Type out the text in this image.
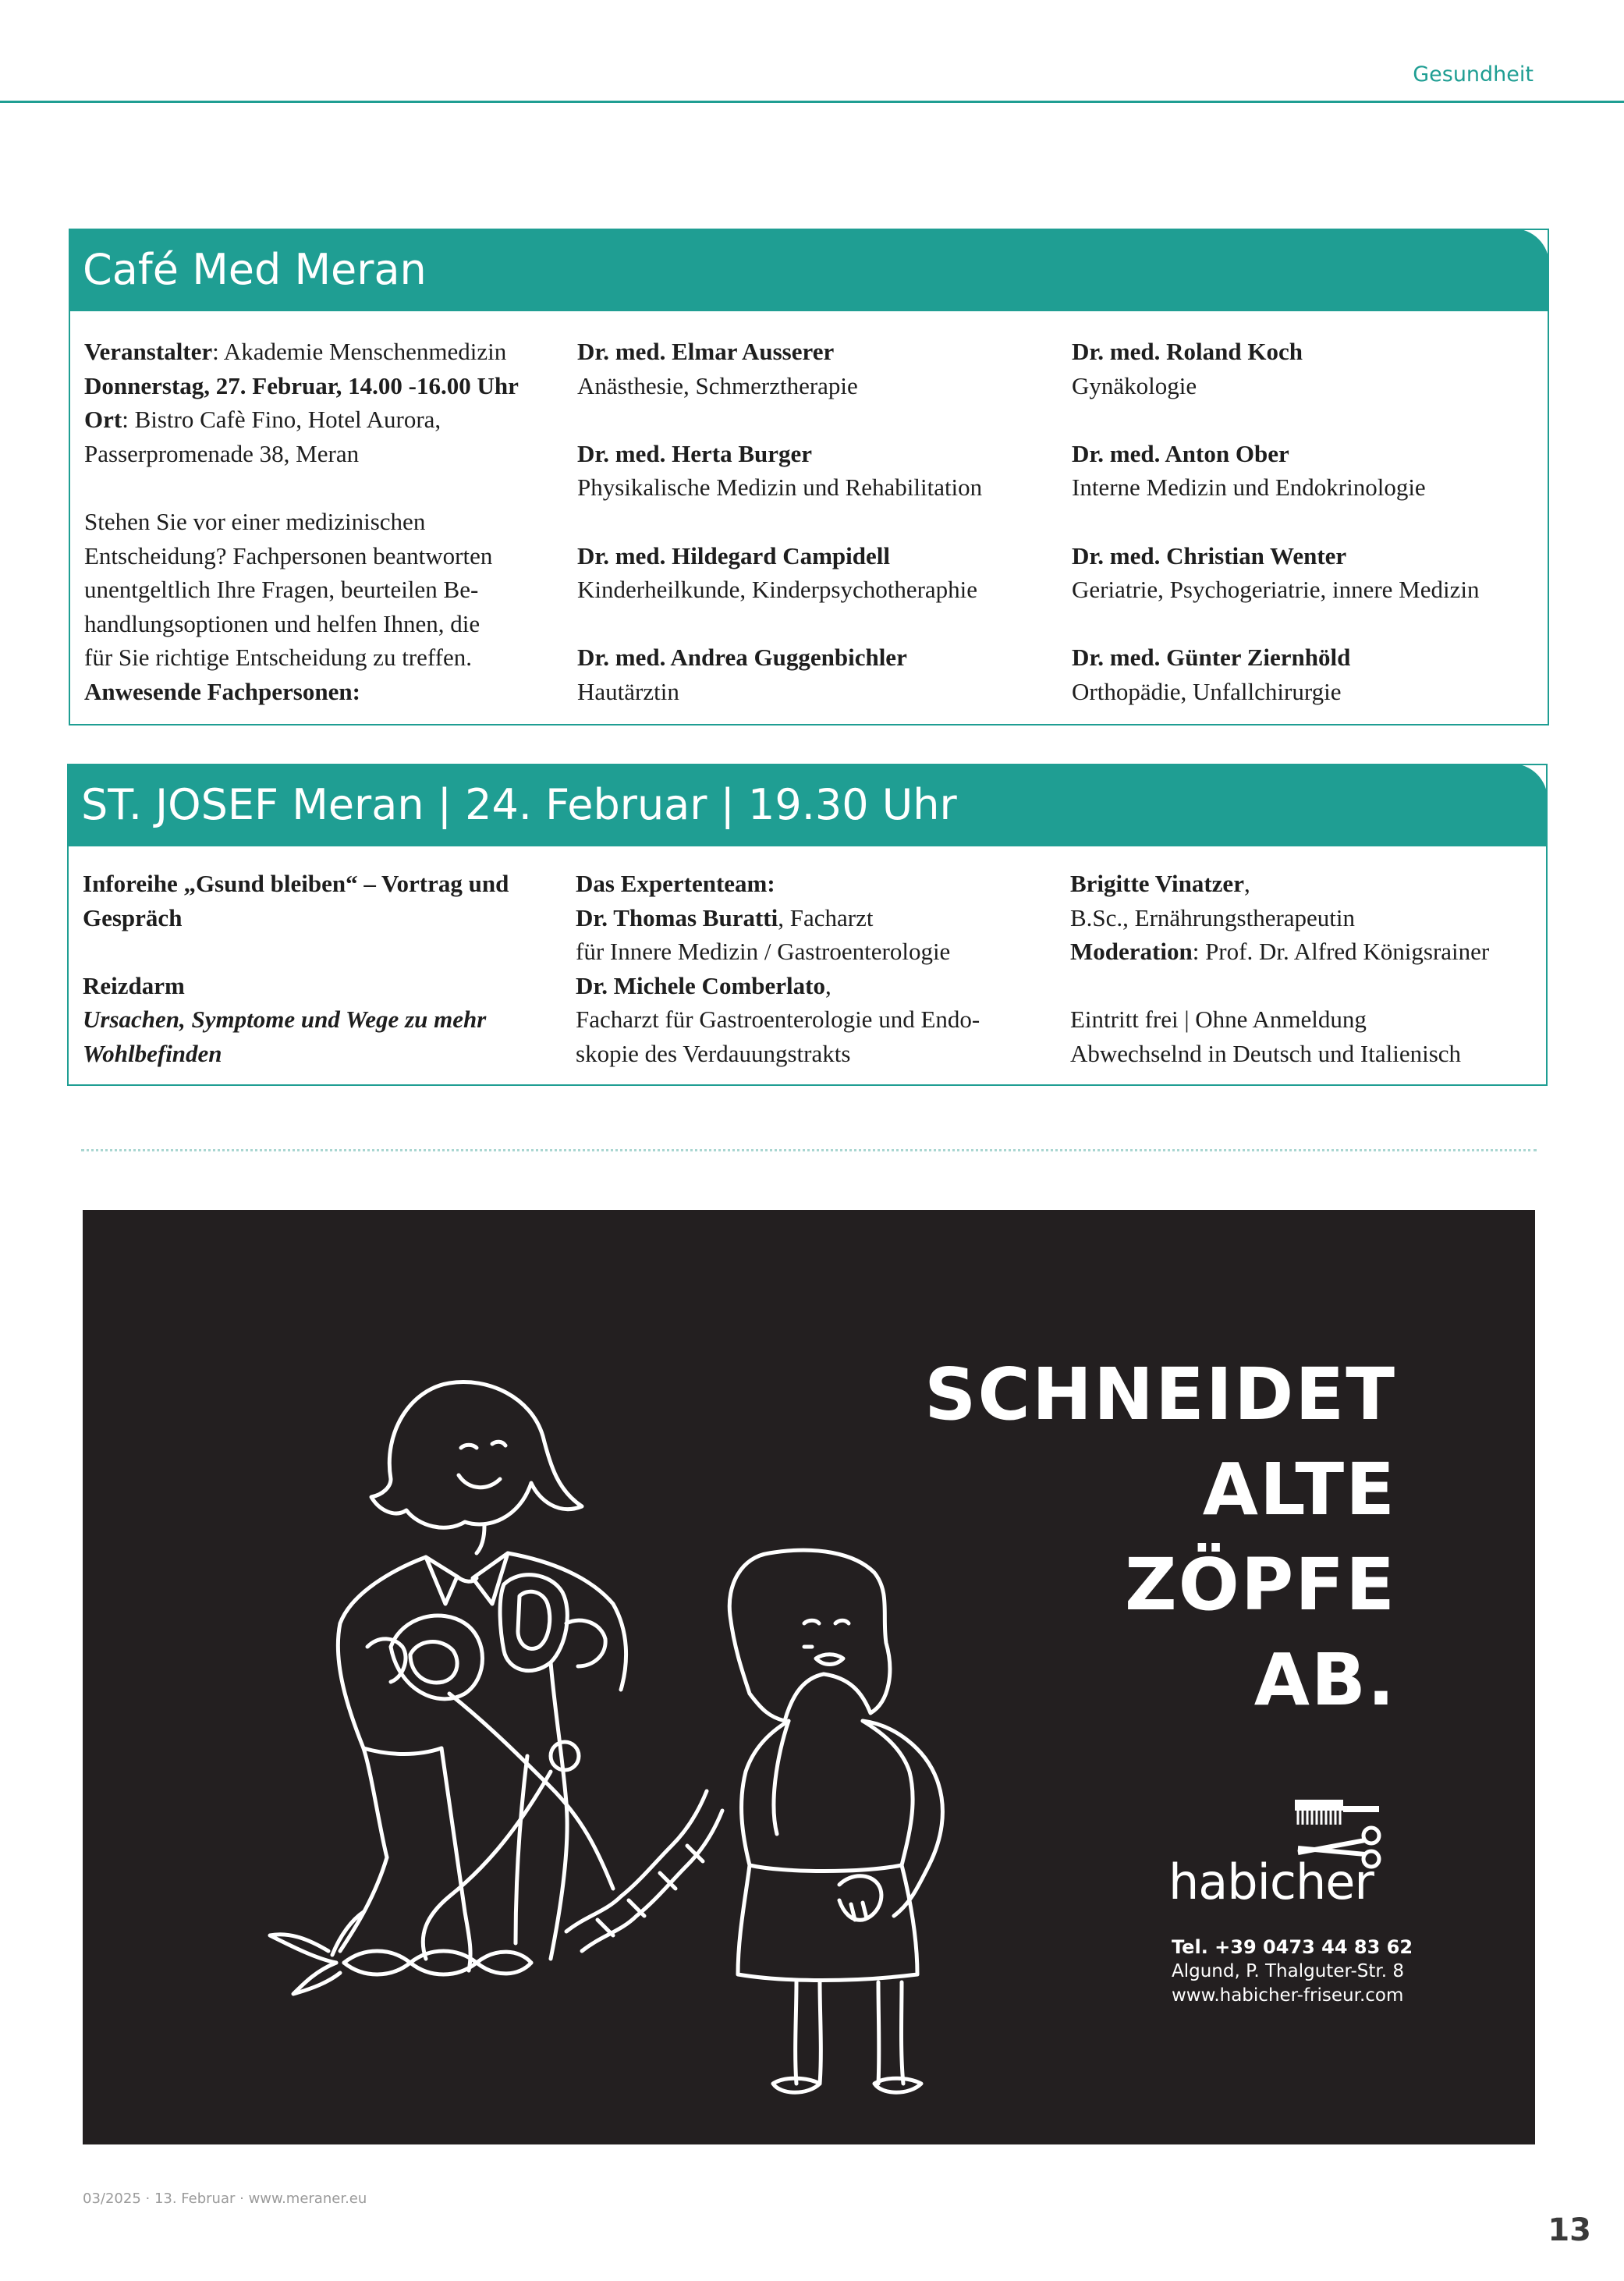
Gesundheit
Café Med Meran

Veranstalter: Akademie Menschenmedizin

Donnerstag, 27. Februar, 14.00 -16.00 Uhr

Ort: Bistro Cafè Fino, Hotel Aurora,

Passerpromenade 38, Meran

Stehen Sie vor einer medizinischen

Entscheidung? Fachpersonen beantworten

unentgeltlich Ihre Fragen, beurteilen Be-

handlungsoptionen und helfen Ihnen, die

für Sie richtige Entscheidung zu treffen.

Anwesende Fachpersonen:

Dr. med. Elmar Ausserer

Anästhesie, Schmerztherapie

Dr. med. Herta Burger

Physikalische Medizin und Rehabilitation

Dr. med. Hildegard Campidell

Kinderheilkunde, Kinderpsychotheraphie

Dr. med. Andrea Guggenbichler

Hautärztin

Dr. med. Roland Koch

Gynäkologie

Dr. med. Anton Ober

Interne Medizin und Endokrinologie

Dr. med. Christian Wenter

Geriatrie, Psychogeriatrie, innere Medizin

Dr. med. Günter Ziernhöld

Orthopädie, Unfallchirurgie

ST. JOSEF Meran | 24. Februar | 19.30 Uhr

Inforeihe „Gsund bleiben“ – Vortrag und

Gespräch

Reizdarm

Ursachen, Symptome und Wege zu mehr

Wohlbefinden

Das Expertenteam:

Dr. Thomas Buratti, Facharzt

für Innere Medizin / Gastroenterologie

Dr. Michele Comberlato,

Facharzt für Gastroenterologie und Endo-

skopie des Verdauungstrakts

Brigitte Vinatzer,

B.Sc., Ernährungstherapeutin

Moderation: Prof. Dr. Alfred Königsrainer

Eintritt frei | Ohne Anmeldung

Abwechselnd in Deutsch und Italienisch

SCHNEIDET
ALTE
ZÖPFE
AB.
habicher
Tel. +39 0473 44 83 62
Algund, P. Thalguter-Str. 8
www.habicher-friseur.com
03/2025 · 13. Februar · www.meraner.eu
13
